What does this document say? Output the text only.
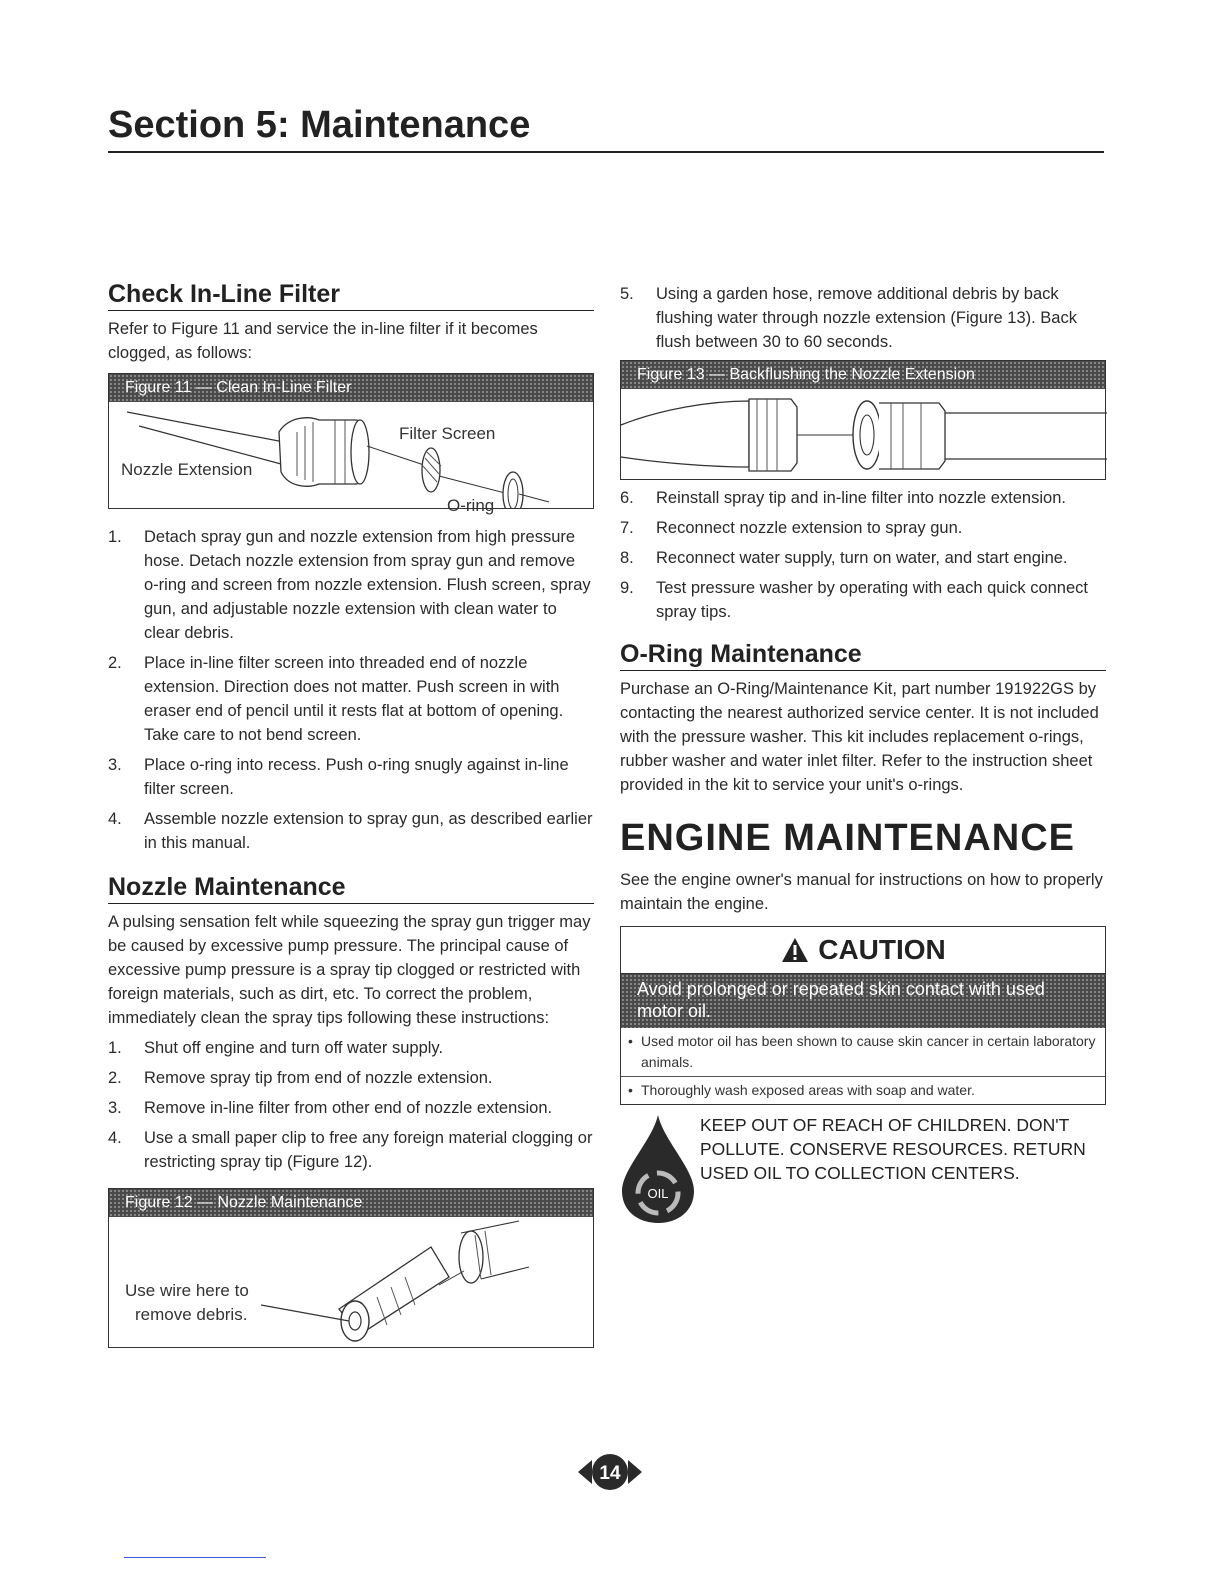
Section 5: Maintenance
Check In-Line Filter

Refer to Figure 11 and service the in-line filter if it becomes clogged, as follows:

Figure 11 — Clean In-Line Filter
Filter Screen
Nozzle Extension
O-ring
1. Detach spray gun and nozzle extension from high pressure hose. Detach nozzle extension from spray gun and remove o-ring and screen from nozzle extension. Flush screen, spray gun, and adjustable nozzle extension with clean water to clear debris.
2. Place in-line filter screen into threaded end of nozzle extension. Direction does not matter. Push screen in with eraser end of pencil until it rests flat at bottom of opening. Take care to not bend screen.
3. Place o-ring into recess. Push o-ring snugly against in-line filter screen.
4. Assemble nozzle extension to spray gun, as described earlier in this manual.
Nozzle Maintenance

A pulsing sensation felt while squeezing the spray gun trigger may be caused by excessive pump pressure. The principal cause of excessive pump pressure is a spray tip clogged or restricted with foreign materials, such as dirt, etc. To correct the problem, immediately clean the spray tips following these instructions:

1. Shut off engine and turn off water supply.
2. Remove spray tip from end of nozzle extension.
3. Remove in-line filter from other end of nozzle extension.
4. Use a small paper clip to free any foreign material clogging or restricting spray tip (Figure 12).
Figure 12 — Nozzle Maintenance
Use wire here to
remove debris.
5. Using a garden hose, remove additional debris by back flushing water through nozzle extension (Figure 13). Back flush between 30 to 60 seconds.
Figure 13 — Backflushing the Nozzle Extension
6. Reinstall spray tip and in-line filter into nozzle extension.
7. Reconnect nozzle extension to spray gun.
8. Reconnect water supply, turn on water, and start engine.
9. Test pressure washer by operating with each quick connect spray tips.
O-Ring Maintenance

Purchase an O-Ring/Maintenance Kit, part number 191922GS by contacting the nearest authorized service center. It is not included with the pressure washer. This kit includes replacement o-rings, rubber washer and water inlet filter. Refer to the instruction sheet provided in the kit to service your unit's o-rings.

ENGINE MAINTENANCE

See the engine owner's manual for instructions on how to properly maintain the engine.

CAUTION
Avoid prolonged or repeated skin contact with used motor oil.
• Used motor oil has been shown to cause skin cancer in certain laboratory animals.
• Thoroughly wash exposed areas with soap and water.
OIL
KEEP OUT OF REACH OF CHILDREN. DON'T POLLUTE. CONSERVE RESOURCES. RETURN USED OIL TO COLLECTION CENTERS.
14
